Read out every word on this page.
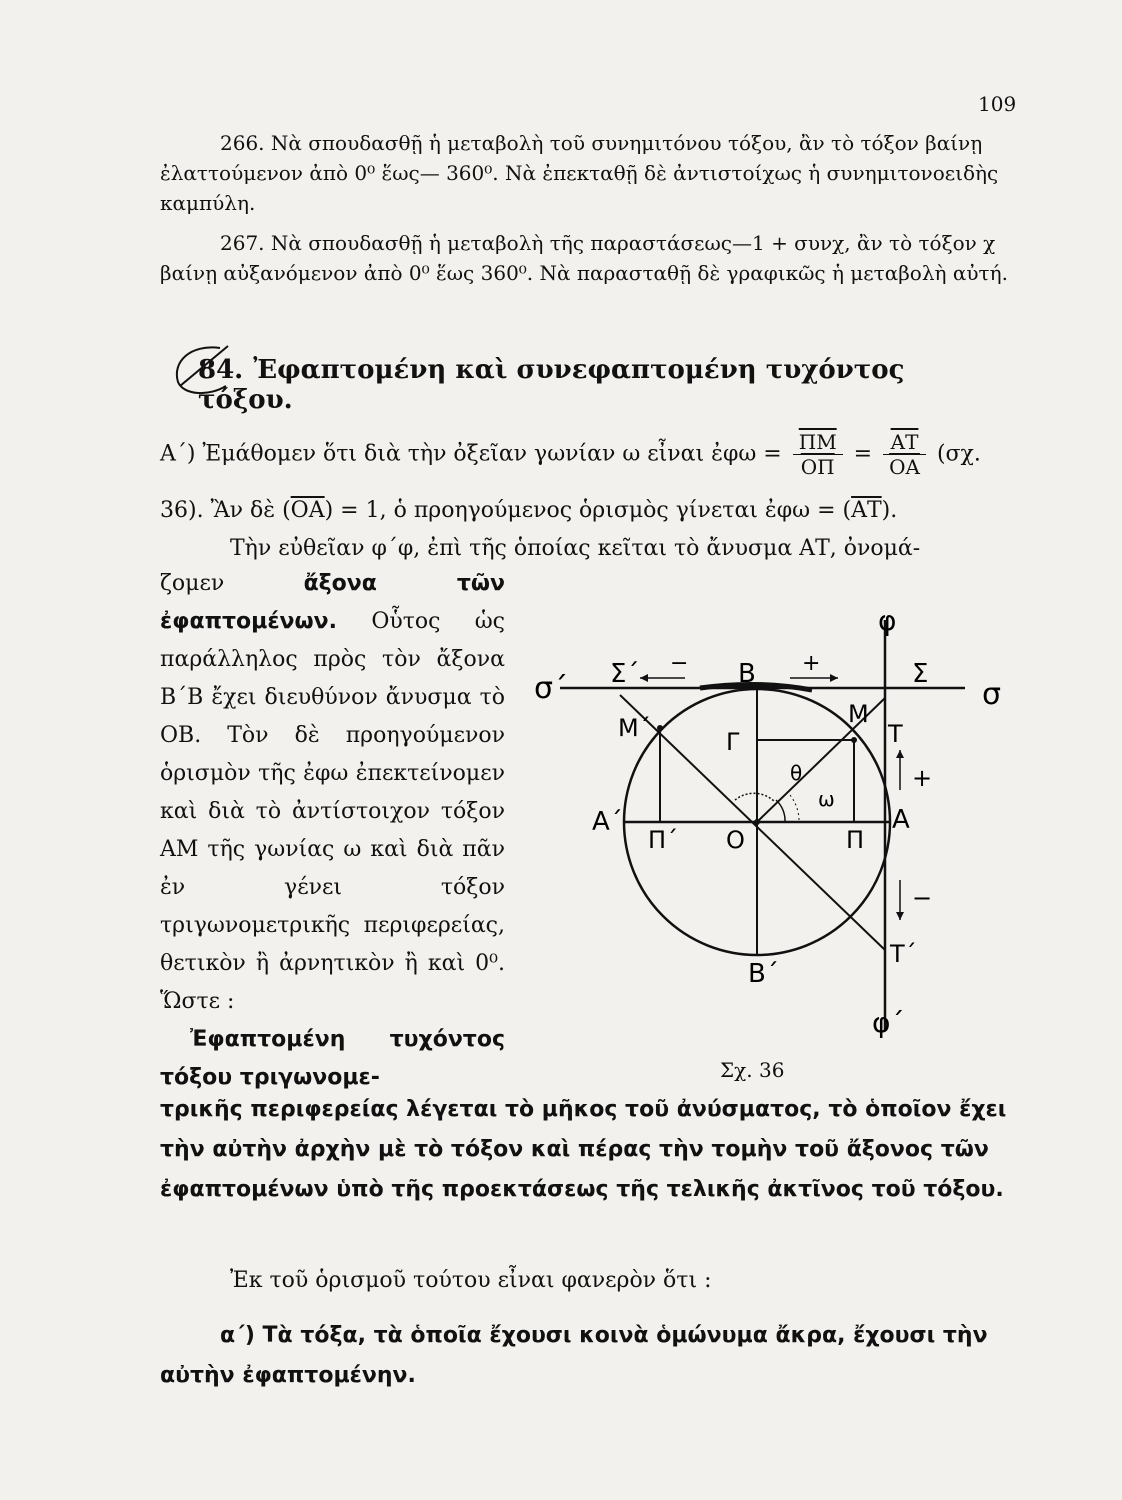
109

266. Νὰ σπουδασθῇ ἡ μεταβολὴ τοῦ συνημιτόνου τόξου, ἂν τὸ τόξον βαίνῃ ἐλαττούμενον ἀπὸ 0⁰ ἕως— 360⁰. Νὰ ἐπεκταθῇ δὲ ἀντιστοίχως ἡ συνημιτονοειδὴς καμπύλη.

267. Νὰ σπουδασθῇ ἡ μεταβολὴ τῆς παραστάσεως—1 + συνχ, ἂν τὸ τόξον χ βαίνῃ αὐξανόμενον ἀπὸ 0⁰ ἕως 360⁰. Νὰ παρασταθῇ δὲ γραφικῶς ἡ μεταβολὴ αὐτή.

84. Ἐφαπτομένη καὶ συνεφαπτομένη τυχόντος τόξου.
Α΄) Ἐμάθομεν ὅτι διὰ τὴν ὀξεῖαν γωνίαν ω εἶναι ἐφω = $\frac{\overline{\Pi M}}{O\Pi} = \frac{\overline{AT}}{OA} (\sigma\chi$.
36). Ἂν δὲ $(\overline{OA}) = 1$, ὁ προηγούμενος ὁρισμὸς γίνεται ἐφω = $(\overline{AT})$.
Τὴν εὐθεῖαν φ΄φ, ἐπὶ τῆς ὁποίας κεῖται τὸ ἄνυσμα ΑΤ, ὀνομά-
ζομεν	ἄξονα τῶν ἐφαπτομένων. Οὗτος ὡς παράλληλος πρὸς τὸν ἄξονα Β΄Β ἔχει διευθύνον ἄνυσμα τὸ ΟΒ. Τὸν δὲ προηγούμενον ὁρισμὸν τῆς ἐφω ἐπεκτείνομεν καὶ διὰ τὸ ἀντίστοιχον τόξον ΑΜ τῆς γωνίας ω καὶ διὰ πᾶν ἐν γένει τόξον τριγωνομετρικῆς περιφερείας, θετικὸν ἢ ἀρνητικὸν ἢ καὶ 0⁰. Ὥστε :
Ἐφαπτομένη τυχόντος τόξου τριγωνομε-
φ
φ΄
σ
σ΄	Σ
Σ΄	Β
Β΄
Μ
Μ΄	Γ	Τ
Τ΄
Α
Α΄
Ο	Π
Π΄
θ
ω
+
−
−	+
Σχ. 36
τρικῆς περιφερείας λέγεται τὸ μῆκος τοῦ ἀνύσματος, τὸ ὁποῖον ἔχει τὴν αὐτὴν ἀρχὴν μὲ τὸ τόξον καὶ πέρας τὴν τομὴν τοῦ ἄξονος τῶν ἐφαπτομένων ὑπὸ τῆς προεκτάσεως τῆς τελικῆς ἀκτῖνος τοῦ τόξου.
Ἐκ τοῦ ὁρισμοῦ τούτου εἶναι φανερὸν ὅτι :
α΄) Τὰ τόξα, τὰ ὁποῖα ἔχουσι κοινὰ ὁμώνυμα ἄκρα, ἔχουσι τὴν αὐτὴν ἐφαπτομένην.
